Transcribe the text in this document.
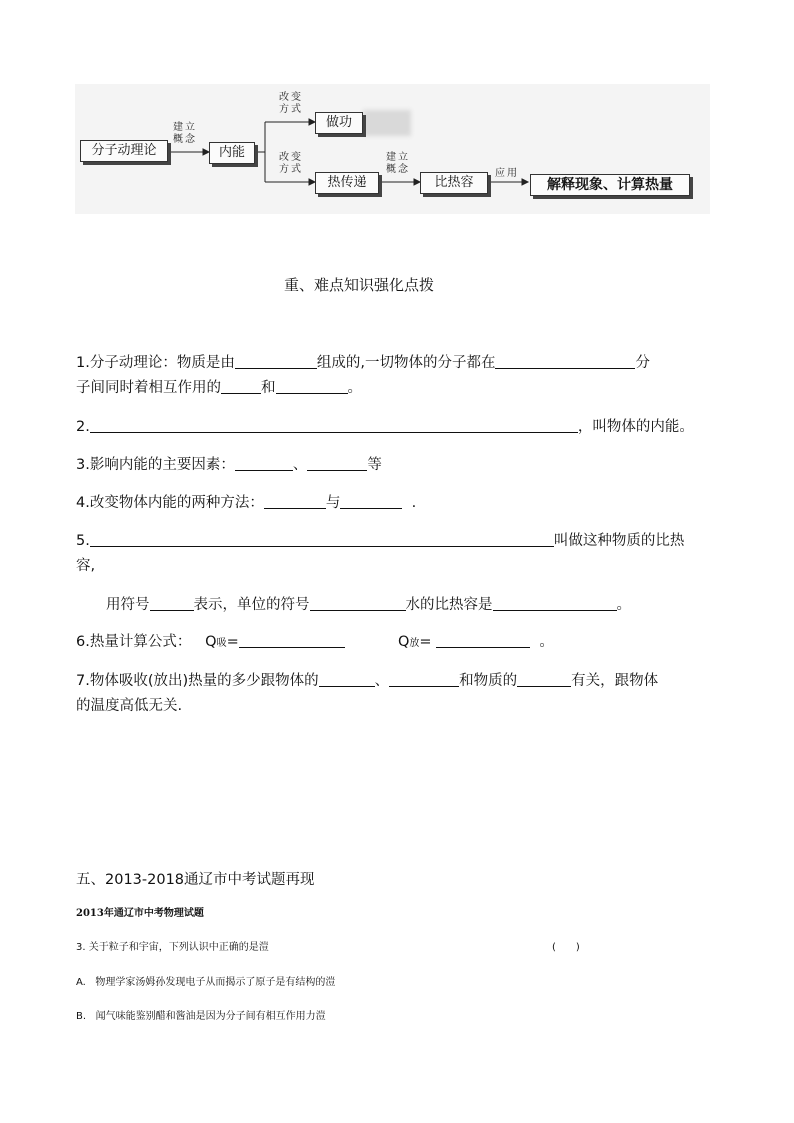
分子动理论
建立
概念
内能
改变
方式
做功
改变
方式
热传递
建立
概念
比热容
应用
解释现象、计算热量
重、难点知识强化点拨
1.分子动理论：物质是由	组成的,一切物体的分子都在	分
子间同时着相互作用的	和	。
2.	，叫物体的内能。
3.影响内能的主要因素：	、	等
4.改变物体内能的两种方法：	与	.
5.	叫做这种物质的比热
容,
用符号	表示，单位的符号	水的比热容是	。
6.热量计算公式： Q吸=	Q放=	。
7.物体吸收(放出)热量的多少跟物体的	、	和物质的	有关，跟物体
的温度高低无关.
五、2013-2018通辽市中考试题再现
2013年通辽市中考物理试题
3. 关于粒子和宇宙，下列认识中正确的是溰	(　　)
A. 物理学家汤姆孙发现电子从而揭示了原子是有结构的溰
B. 闻气味能鉴别醋和酱油是因为分子间有相互作用力溰
